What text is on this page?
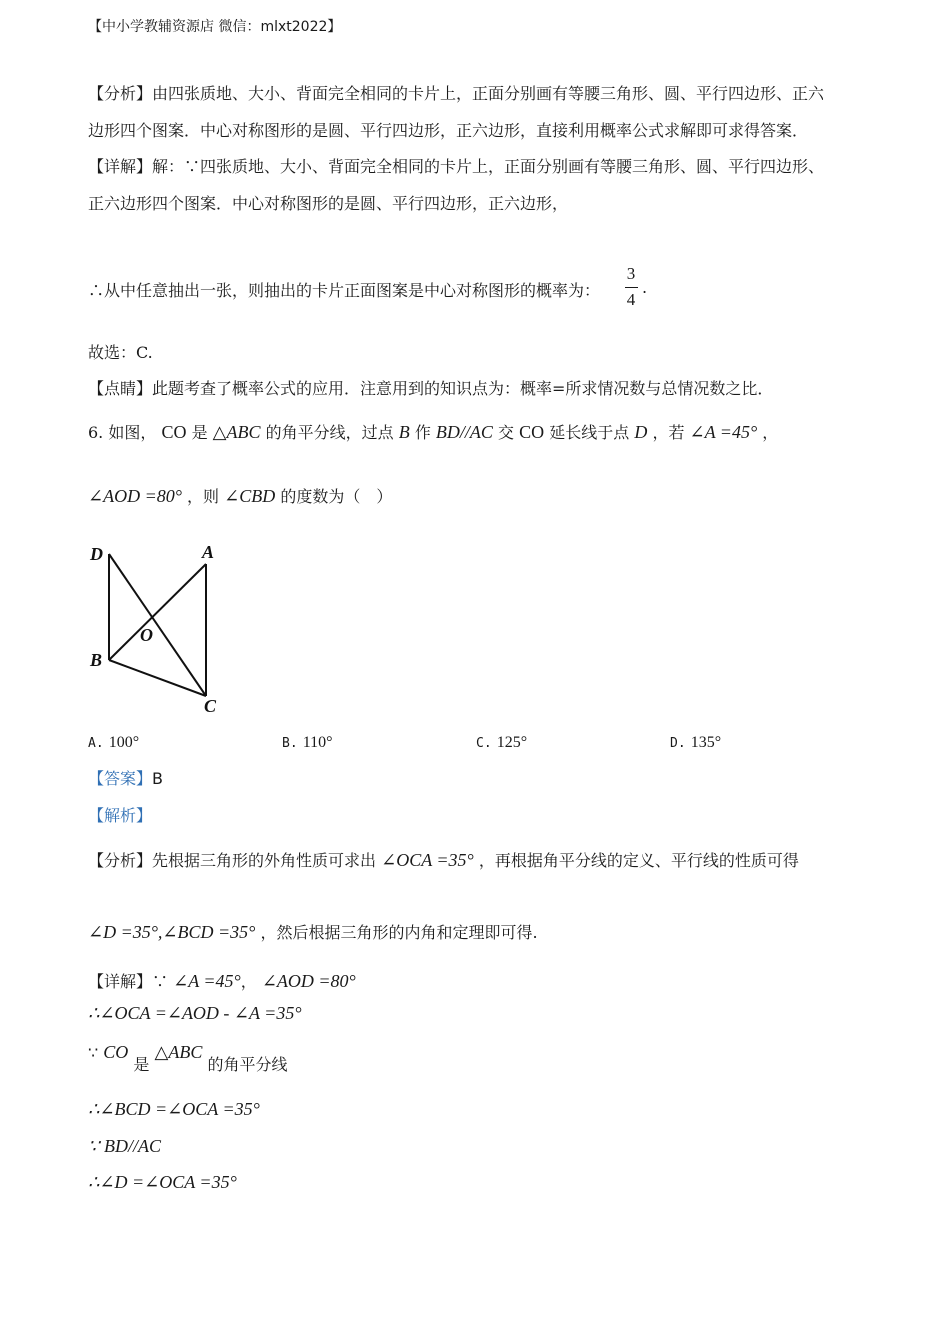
【中小学教辅资源店 微信：mlxt2022】
【分析】由四张质地、大小、背面完全相同的卡片上，正面分别画有等腰三角形、圆、平行四边形、正六
边形四个图案．中心对称图形的是圆、平行四边形，正六边形，直接利用概率公式求解即可求得答案．
【详解】解：∵四张质地、大小、背面完全相同的卡片上，正面分别画有等腰三角形、圆、平行四边形、
正六边形四个图案．中心对称图形的是圆、平行四边形，正六边形，
∴从中任意抽出一张，则抽出的卡片正面图案是中心对称图形的概率为：
3
4
.
故选：C.
【点睛】此题考查了概率公式的应用．注意用到的知识点为：概率=所求情况数与总情况数之比．
6. 如图， CO 是 △ABC 的角平分线，过点 B 作 BD//AC 交 CO 延长线于点 D ，若 ∠A =45° ，
∠AOD =80° ，则 ∠CBD 的度数为（　）
D	A
O
B
C
A. 100°	B. 110°	C. 125°	D. 135°
【答案】B
【解析】
【分析】先根据三角形的外角性质可求出 ∠OCA =35° ，再根据角平分线的定义、平行线的性质可得
∠D =35°,∠BCD =35° ，然后根据三角形的内角和定理即可得.
【详解】∵ ∠A =45°， ∠AOD =80°
∴∠OCA =∠AOD - ∠A =35°
∵ CO 是 △ABC 的角平分线
∴∠BCD =∠OCA =35°
∵ BD//AC
∴∠D =∠OCA =35°
